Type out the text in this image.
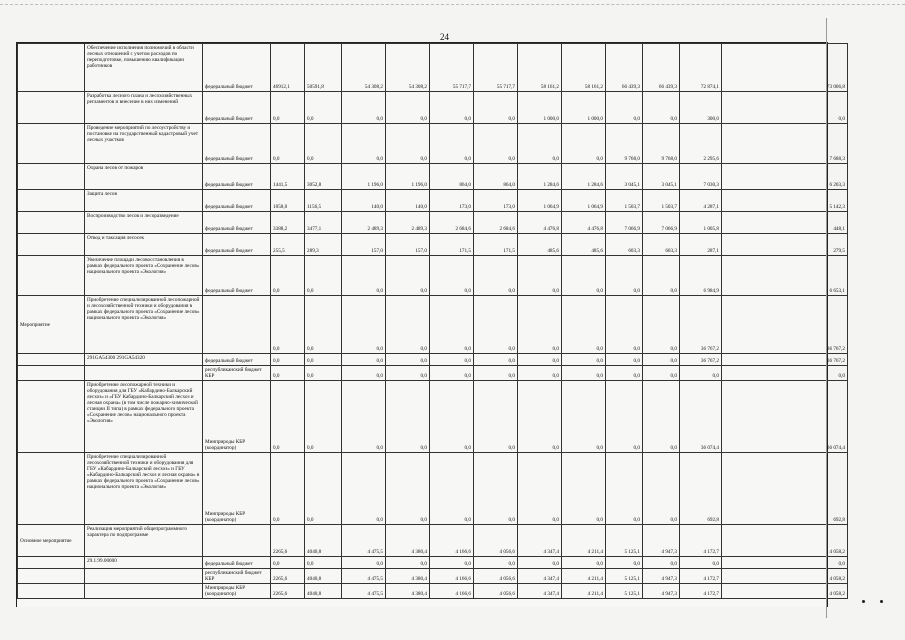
24
	Обеспечение исполнения полномочий в области лесных отношений с учетом расходов по переподготовке, повышению квалификации работников	федеральный бюджет	46912,1	50591,8	54 308,2	54 308,2	55 717,7	55 717,7	58 161,2	58 161,2	66 439,3	66 439,3	72 874,1	73 006,8
	Разработка лесного плана и лесохозяйственных регламентов и внесение в них изменений	федеральный бюджет	0,0	0,0	0,0	0,0	0,0	0,0	1 000,0	1 000,0	0,0	0,0	300,0	0,0
	Проведение мероприятий по лесоустройству и постановке на государственный кадастровый учет лесных участков	федеральный бюджет	0,0	0,0	0,0	0,0	0,0	0,0	0,0	0,0	9 768,0	9 768,0	2 295,6	7 688,3
	Охрана лесов от пожаров	федеральный бюджет	1441,5	3052,8	1 196,0	1 196,0	864,0	864,0	1 284,6	1 284,6	3 045,1	3 045,1	7 030,3	6 203,3
	Защита лесов	федеральный бюджет	1058,0	1156,5	140,0	140,0	173,0	173,0	1 064,9	1 064,9	1 503,7	1 503,7	4 287,1	5 142,3
	Воспроизводство лесов и лесоразведение	федеральный бюджет	3388,2	3477,1	2 489,3	2 489,3	2 684,6	2 684,6	4 476,8	4 476,8	7 066,9	7 066,9	1 005,8	448,1
	Отвод и таксация лесосек	федеральный бюджет	255,5	289,3	157,0	157,0	171,5	171,5	485,6	485,6	603,3	603,3	287,1	279,5
	Увеличение площади лесовосстановления в рамках федерального проекта «Сохранение лесов» национального проекта «Экология»	федеральный бюджет	0,0	0,0	0,0	0,0	0,0	0,0	0,0	0,0	0,0	0,0	6 984,9	6 653,1
Мероприятие	Приобретение специализированной лесопожарной и лесохозяйственной техники и оборудования в рамках федерального проекта «Сохранение лесов» национального проекта «Экология»		0,0	0,0	0,0	0,0	0,0	0,0	0,0	0,0	0,0	0,0	36 767,2	36 767,2
	291GA54300 291GA54320	федеральный бюджет	0,0	0,0	0,0	0,0	0,0	0,0	0,0	0,0	0,0	0,0	36 767,2	36 767,2
		республиканский бюджет КБР	0,0	0,0	0,0	0,0	0,0	0,0	0,0	0,0	0,0	0,0	0,0	0,0
	Приобретение лесопожарной техники и оборудования для ГБУ «Кабардино-Балкарский лесхоз» и «ГБУ Кабардино-Балкарский лесхоз и лесная охрана» (в том числе пожарно-химической станции II типа) в рамках федерального проекта «Сохранение лесов» национального проекта «Экология»	Минприроды КБР (координатор)	0,0	0,0	0,0	0,0	0,0	0,0	0,0	0,0	0,0	0,0	36 074,4	36 074,4
	Приобретение специализированной лесохозяйственной техники и оборудования для ГБУ «Кабардино-Балкарский лесхоз» и ГБУ «Кабардино-Балкарский лесхоз и лесная охрана» в рамках федерального проекта «Сохранение лесов» национального проекта «Экология»	Минприроды КБР (координатор)	0,0	0,0	0,0	0,0	0,0	0,0	0,0	0,0	0,0	0,0	692,8	692,8
Основное мероприятие	Реализация мероприятий общепрограммного характера по подпрограмме		2265,6	4040,8	4 475,5	4 380,4	4 166,6	4 056,6	4 347,4	4 211,4	5 125,1	4 947,3	4 172,7	4 058,2
	29.1.99.00000	федеральный бюджет	0,0	0,0	0,0	0,0	0,0	0,0	0,0	0,0	0,0	0,0	0,0	0,0
		республиканский бюджет КБР	2265,6	4040,8	4 475,5	4 380,4	4 166,6	4 056,6	4 347,4	4 211,4	5 125,1	4 947,3	4 172,7	4 058,2
		Минприроды КБР (координатор)	2265,6	4040,8	4 475,5	4 380,4	4 166,6	4 056,6	4 347,4	4 211,4	5 125,1	4 947,3	4 172,7	4 058,2
